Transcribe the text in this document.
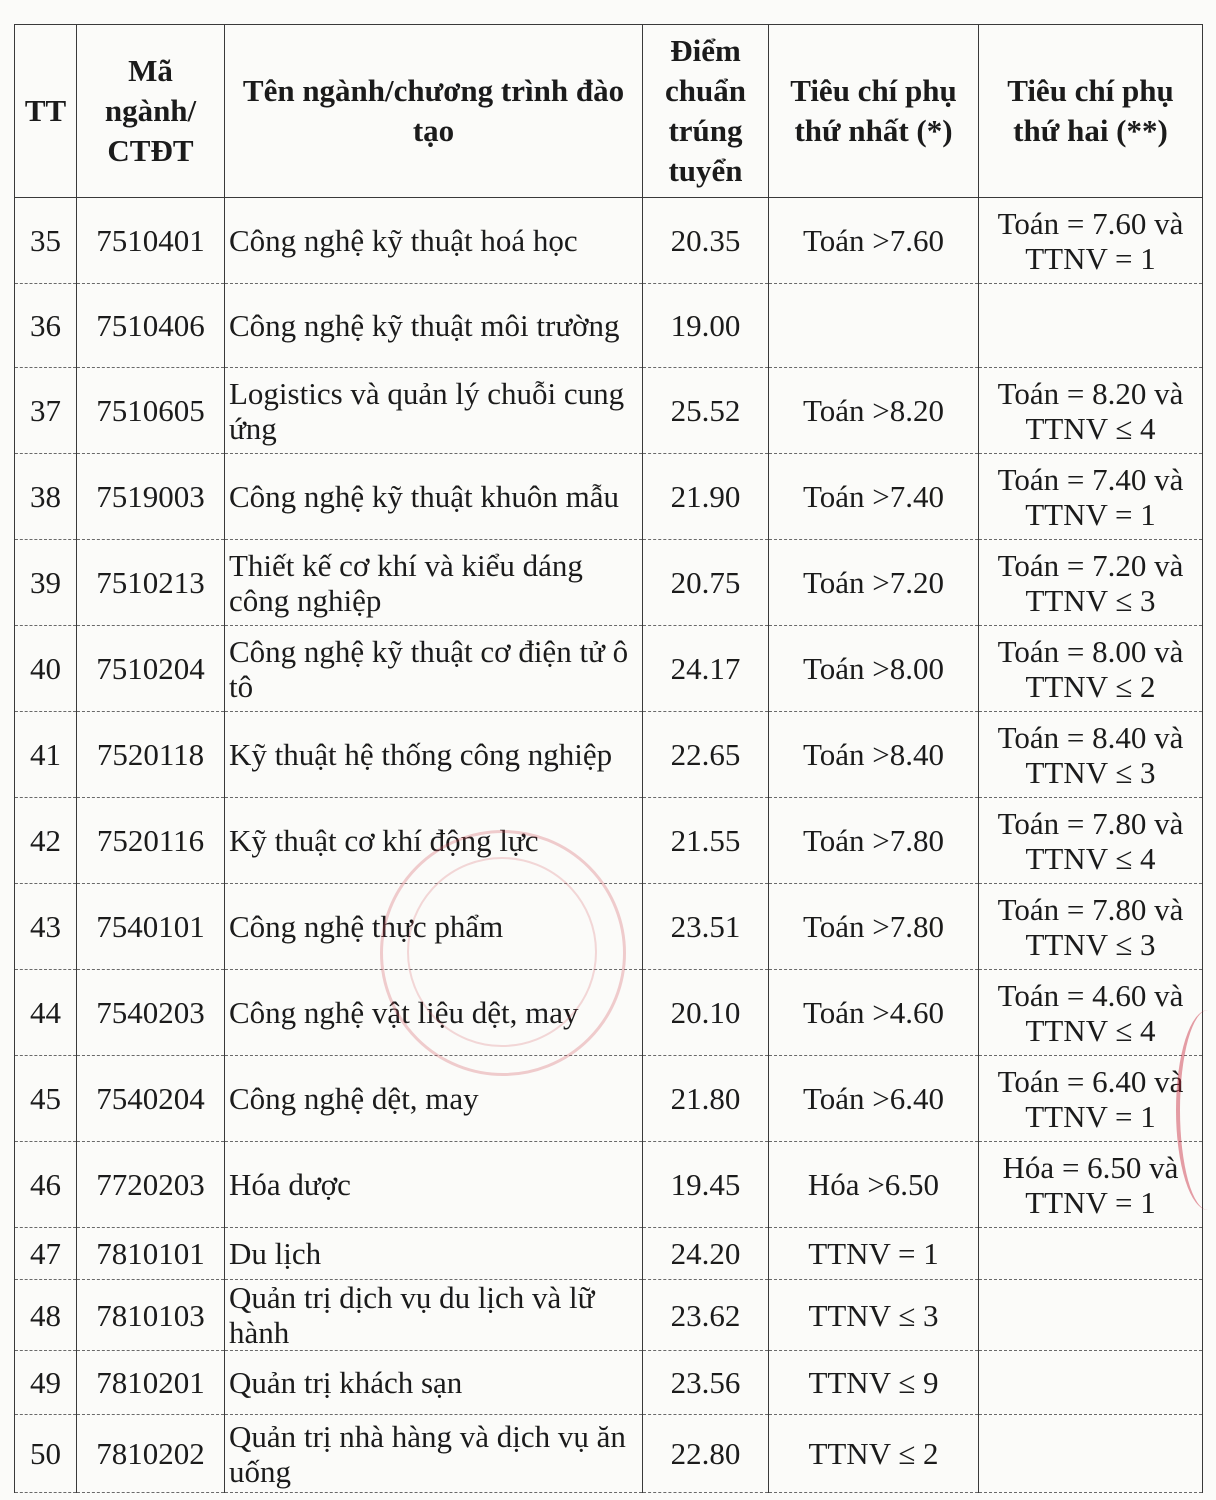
TT	Mã ngành/ CTĐT	Tên ngành/chương trình đào tạo	Điểm chuẩn trúng tuyển	Tiêu chí phụ thứ nhất (*)	Tiêu chí phụ thứ hai (**)
35	7510401	Công nghệ kỹ thuật hoá học	20.35	Toán >7.60	Toán = 7.60 và TTNV = 1
36	7510406	Công nghệ kỹ thuật môi trường	19.00		
37	7510605	Logistics và quản lý chuỗi cung ứng	25.52	Toán >8.20	Toán = 8.20 và TTNV ≤ 4
38	7519003	Công nghệ kỹ thuật khuôn mẫu	21.90	Toán >7.40	Toán = 7.40 và TTNV = 1
39	7510213	Thiết kế cơ khí và kiểu dáng công nghiệp	20.75	Toán >7.20	Toán = 7.20 và TTNV ≤ 3
40	7510204	Công nghệ kỹ thuật cơ điện tử ô tô	24.17	Toán >8.00	Toán = 8.00 và TTNV ≤ 2
41	7520118	Kỹ thuật hệ thống công nghiệp	22.65	Toán >8.40	Toán = 8.40 và TTNV ≤ 3
42	7520116	Kỹ thuật cơ khí động lực	21.55	Toán >7.80	Toán = 7.80 và TTNV ≤ 4
43	7540101	Công nghệ thực phẩm	23.51	Toán >7.80	Toán = 7.80 và TTNV ≤ 3
44	7540203	Công nghệ vật liệu dệt, may	20.10	Toán >4.60	Toán = 4.60 và TTNV ≤ 4
45	7540204	Công nghệ dệt, may	21.80	Toán >6.40	Toán = 6.40 và TTNV = 1
46	7720203	Hóa dược	19.45	Hóa >6.50	Hóa = 6.50 và TTNV = 1
47	7810101	Du lịch	24.20	TTNV = 1	
48	7810103	Quản trị dịch vụ du lịch và lữ hành	23.62	TTNV ≤ 3	
49	7810201	Quản trị khách sạn	23.56	TTNV ≤ 9	
50	7810202	Quản trị nhà hàng và dịch vụ ăn uống	22.80	TTNV ≤ 2	
